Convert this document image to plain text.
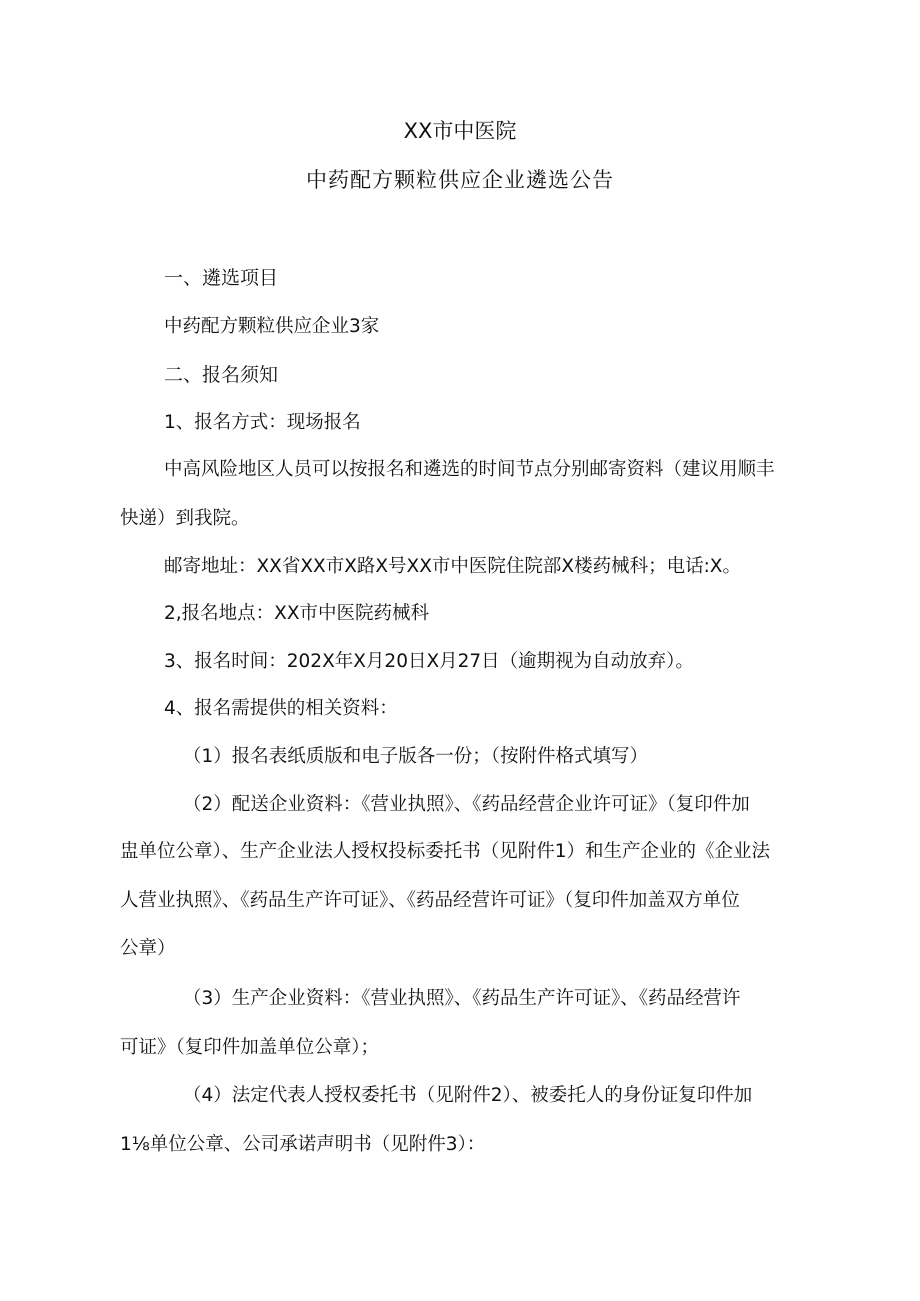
XX市中医院
中药配方颗粒供应企业遴选公告
一、遴选项目
中药配方颗粒供应企业3家
二、报名须知
1、报名方式：现场报名
中高风险地区人员可以按报名和遴选的时间节点分别邮寄资料（建议用顺丰
快递）到我院。
邮寄地址：XX省XX市X路X号XX市中医院住院部X楼药械科；电话:X。
2,报名地点：XX市中医院药械科
3、报名时间：202X年X月20日X月27日（逾期视为自动放弃）。
4、报名需提供的相关资料：
（1）报名表纸质版和电子版各一份；（按附件格式填写）
（2）配送企业资料：《营业执照》、《药品经营企业许可证》（复印件加
盅单位公章）、生产企业法人授权投标委托书（见附件1）和生产企业的《企业法
人营业执照》、《药品生产许可证》、《药品经营许可证》（复印件加盖双方单位
公章）
（3）生产企业资料：《营业执照》、《药品生产许可证》、《药品经营许
可证》（复印件加盖单位公章）；
（4）法定代表人授权委托书（见附件2）、被委托人的身份证复印件加
1⅛单位公章、公司承诺声明书（见附件3）：
